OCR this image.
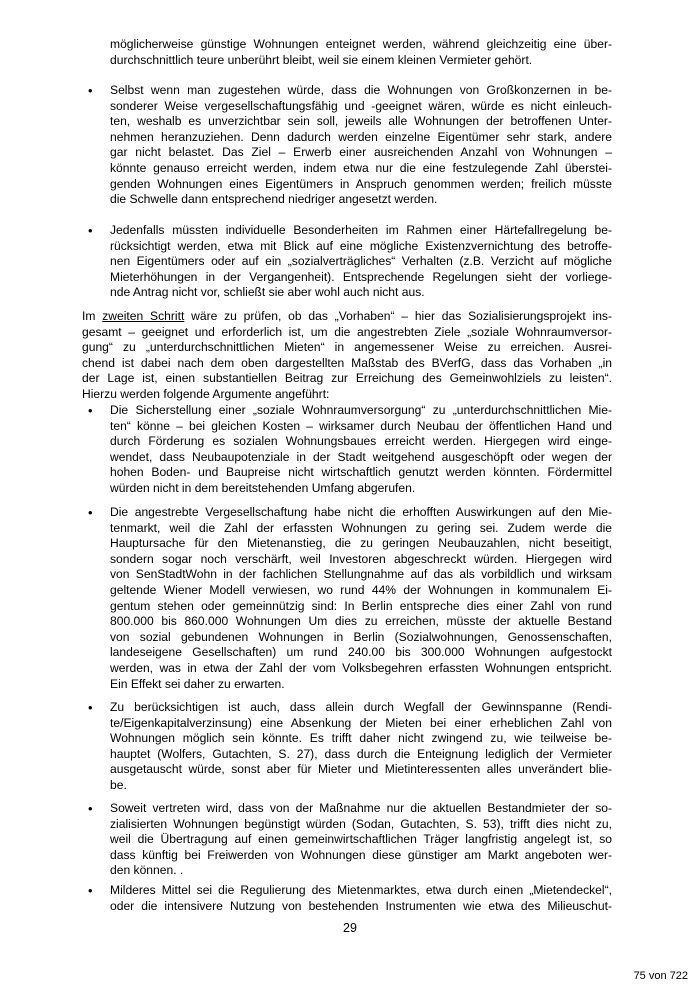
möglicherweise günstige Wohnungen enteignet werden, während gleichzeitig eine über-
durchschnittlich teure unberührt bleibt, weil sie einem kleinen Vermieter gehört.
• Selbst wenn man zugestehen würde, dass die Wohnungen von Großkonzernen in be-
sonderer Weise vergesellschaftungsfähig und -geeignet wären, würde es nicht einleuch-
ten, weshalb es unverzichtbar sein soll, jeweils alle Wohnungen der betroffenen Unter-
nehmen heranzuziehen. Denn dadurch werden einzelne Eigentümer sehr stark, andere
gar nicht belastet. Das Ziel – Erwerb einer ausreichenden Anzahl von Wohnungen –
könnte genauso erreicht werden, indem etwa nur die eine festzulegende Zahl überstei-
genden Wohnungen eines Eigentümers in Anspruch genommen werden; freilich müsste
die Schwelle dann entsprechend niedriger angesetzt werden.
• Jedenfalls müssten individuelle Besonderheiten im Rahmen einer Härtefallregelung be-
rücksichtigt werden, etwa mit Blick auf eine mögliche Existenzvernichtung des betroffe-
nen Eigentümers oder auf ein „sozialverträgliches“ Verhalten (z.B. Verzicht auf mögliche
Mieterhöhungen in der Vergangenheit). Entsprechende Regelungen sieht der vorliege-
nde Antrag nicht vor, schließt sie aber wohl auch nicht aus.
Im zweiten Schritt wäre zu prüfen, ob das „Vorhaben“ – hier das Sozialisierungsprojekt ins-
gesamt – geeignet und erforderlich ist, um die angestrebten Ziele „soziale Wohnraumversor-
gung“ zu „unterdurchschnittlichen Mieten“ in angemessener Weise zu erreichen. Ausrei-
chend ist dabei nach dem oben dargestellten Maßstab des BVerfG, dass das Vorhaben „in
der Lage ist, einen substantiellen Beitrag zur Erreichung des Gemeinwohlziels zu leisten“.
Hierzu werden folgende Argumente angeführt:
• Die Sicherstellung einer „soziale Wohnraumversorgung“ zu „unterdurchschnittlichen Mie-
ten“ könne – bei gleichen Kosten – wirksamer durch Neubau der öffentlichen Hand und
durch Förderung es sozialen Wohnungsbaues erreicht werden. Hiergegen wird einge-
wendet, dass Neubaupotenziale in der Stadt weitgehend ausgeschöpft oder wegen der
hohen Boden- und Baupreise nicht wirtschaftlich genutzt werden könnten. Fördermittel
würden nicht in dem bereitstehenden Umfang abgerufen.
• Die angestrebte Vergesellschaftung habe nicht die erhofften Auswirkungen auf den Mie-
tenmarkt, weil die Zahl der erfassten Wohnungen zu gering sei. Zudem werde die
Hauptursache für den Mietenanstieg, die zu geringen Neubauzahlen, nicht beseitigt,
sondern sogar noch verschärft, weil Investoren abgeschreckt würden. Hiergegen wird
von SenStadtWohn in der fachlichen Stellungnahme auf das als vorbildlich und wirksam
geltende Wiener Modell verwiesen, wo rund 44% der Wohnungen in kommunalem Ei-
gentum stehen oder gemeinnützig sind: In Berlin entspreche dies einer Zahl von rund
800.000 bis 860.000 Wohnungen Um dies zu erreichen, müsste der aktuelle Bestand
von sozial gebundenen Wohnungen in Berlin (Sozialwohnungen, Genossenschaften,
landeseigene Gesellschaften) um rund 240.00 bis 300.000 Wohnungen aufgestockt
werden, was in etwa der Zahl der vom Volksbegehren erfassten Wohnungen entspricht.
Ein Effekt sei daher zu erwarten.
• Zu berücksichtigen ist auch, dass allein durch Wegfall der Gewinnspanne (Rendi-
te/Eigenkapitalverzinsung) eine Absenkung der Mieten bei einer erheblichen Zahl von
Wohnungen möglich sein könnte. Es trifft daher nicht zwingend zu, wie teilweise be-
hauptet (Wolfers, Gutachten, S. 27), dass durch die Enteignung lediglich der Vermieter
ausgetauscht würde, sonst aber für Mieter und Mietinteressenten alles unverändert blie-
be.
• Soweit vertreten wird, dass von der Maßnahme nur die aktuellen Bestandmieter der so-
zialisierten Wohnungen begünstigt würden (Sodan, Gutachten, S. 53), trifft dies nicht zu,
weil die Übertragung auf einen gemeinwirtschaftlichen Träger langfristig angelegt ist, so
dass künftig bei Freiwerden von Wohnungen diese günstiger am Markt angeboten wer-
den können. .
• Milderes Mittel sei die Regulierung des Mietenmarktes, etwa durch einen „Mietendeckel“,
oder die intensivere Nutzung von bestehenden Instrumenten wie etwa des Milieuschut-
29
75 von 722
